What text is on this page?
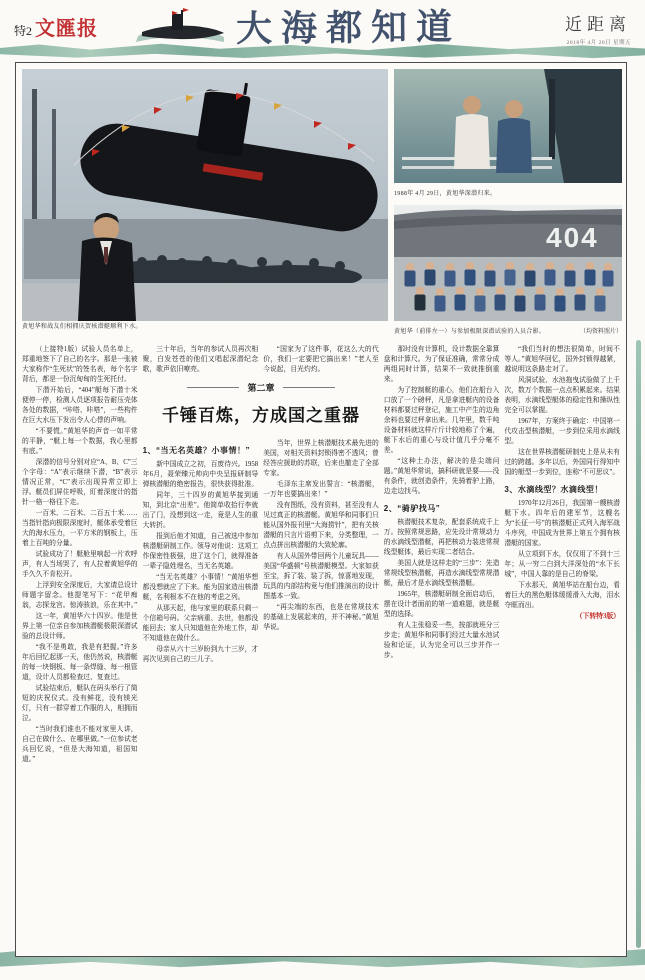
特2 文匯报	大海都知道	近距离
2018年 4月 20日 星期五
黄旭华和战友们相拥庆贺核潜艇顺利下水。
1988年 4月 29日，黄旭华深潜归来。
404
黄旭华（前排左一）与参加极限深潜试验的人员合影。	（均资料照片）
第二章
千锤百炼，方成国之重器

（上接特1版）试验人员名单上，郑重地签下了自己的名字。那是一张被大家称作“生死状”的签名表，每个名字背后，都是一份沉甸甸的生死托付。

下潜开始后，“404”艇每下潜十米便停一停，检测人员逐项报告耐压壳体各处的数据，“咔嗒、咔嗒”，一些构件在巨大水压下发出令人心悸的声响。

“不要慌。”黄旭华的声音一如平常的平静，“艇上每一个数据，我心里都有底。”

深潜的信号分别对应“A、B、C”三个字母：“A”表示继续下潜，“B”表示情况正常，“C”表示出现异常立即上浮。艇员们屏住呼吸，盯着深度计的指针一格一格往下走。

一百米、二百米、二百五十米……当指针指向极限深度时，艇体承受着巨大的海水压力，一平方米的钢板上，压着上百吨的分量。

试验成功了！艇舱里响起一片欢呼声，有人当场哭了，有人拉着黄旭华的手久久不肯松开。

上浮到安全深度后，大家请总设计师题字留念。他提笔写下：“花甲痴翁，志探龙宫。惊涛骇浪，乐在其中。”

这一年，黄旭华六十四岁。他是世界上第一位亲自参加核潜艇极限深潜试验的总设计师。

“我不是勇敢，我是有把握。”许多年后回忆起那一天，他仍然说，核潜艇的每一块钢板、每一条焊缝、每一根管道，设计人员都检查过、复查过。

试验结束后，艇队在码头举行了简短的庆祝仪式。没有鲜花，没有镁光灯，只有一群穿着工作服的人，相拥而泣。

“当时我们谁也不能对家里人讲，自己在做什么、在哪里做。”一位参试老兵回忆说，“但是大海知道，祖国知道。”

三十年后，当年的参试人员再次相聚，白发苍苍的他们又唱起深潜纪念歌，歌声依旧嘹亮。

1、“当无名英雄？小事情！”

新中国成立之初，百废待兴。1958年6月，聂荣臻元帅向中央呈报研制导弹核潜艇的绝密报告，很快获得批准。

同年，三十四岁的黄旭华接到通知，到北京“出差”。他简单收拾行李就出了门，没想到这一走，竟是人生的重大转折。

报到后他才知道，自己被选中参加核潜艇研制工作。领导对他说：这项工作保密性极强，进了这个门，就得准备一辈子隐姓埋名，当无名英雄。

“当无名英雄？小事情！”黄旭华想都没想就应了下来。能为国家造出核潜艇，名利根本不在他的考虑之列。

从那天起，他与家里的联系只剩一个信箱号码。父亲病重、去世，他都没能回去；家人只知道他在外地工作，却不知道他在做什么。

母亲从六十三岁盼到九十三岁，才再次见到自己的三儿子。

“国家为了这件事，花这么大的代价，我们一定要把它搞出来！”老人至今说起，目光灼灼。

当年，世界上核潜艇技术最先进的美国，对相关资料封锁得密不透风；曾经答应援助的苏联，后来也撤走了全部专家。

毛泽东主席发出誓言：“核潜艇，一万年也要搞出来！”

没有图纸，没有资料，甚至没有人见过真正的核潜艇。黄旭华和同事们只能从国外报刊里“大海捞针”，把有关核潜艇的只言片语剪下来，分类整理，一点点拼出核潜艇的大致轮廓。

有人从国外带回两个儿童玩具——美国“华盛顿”号核潜艇模型。大家如获至宝，拆了装、装了拆，惊喜地发现，玩具的内部结构竟与他们推演出的设计图基本一致。

“再尖端的东西，也是在常规技术的基础上发展起来的，并不神秘。”黄旭华说。

那时没有计算机，设计数据全靠算盘和计算尺。为了保证准确，常常分成两组同时计算，结果不一致就推倒重来。

为了控制艇的重心，他们在船台入口放了一个磅秤，凡是拿进艇内的设备材料都要过秤登记，施工中产生的边角余料也要过秤拿出来。几年里，数千吨设备材料就这样斤斤计较地称了个遍，艇下水后的重心与设计值几乎分毫不差。

“这种土办法，解决的是尖端问题。”黄旭华常说，搞科研就是要——没有条件，就创造条件，先骑着驴上路，边走边找马。

2、“骑驴找马”

核潜艇技术复杂，配套系统成千上万。按照常规思路，应先设计常规动力的水滴线型潜艇，再把核动力装进常规线型艇体，最后实现二者结合。

美国人就是这样走的“三步”：先造常规线型核潜艇，再造水滴线型常规潜艇，最后才是水滴线型核潜艇。

1965年，核潜艇研制全面启动后，摆在设计者面前的第一道难题，就是艇型的选择。

有人主张稳妥一些，按部就班分三步走；黄旭华和同事们经过大量水池试验和论证，认为完全可以三步并作一步。

“我们当时的想法很简单，时间不等人。”黄旭华回忆，国外封锁得越紧，越说明这条路走对了。

风洞试验、水池拖曳试验做了上千次，数万个数据一点点积累起来。结果表明，水滴线型艇体的稳定性和操纵性完全可以掌握。

1967年，方案终于确定：中国第一代攻击型核潜艇，一步到位采用水滴线型。

这在世界核潜艇研制史上是从未有过的跨越。多年以后，外国同行得知中国的艇型一步到位，连称“不可思议”。

3、水滴线型？水滴线型！

1970年12月26日，我国第一艘核潜艇下水。四年后的建军节，这艘名为“长征一号”的核潜艇正式列入海军战斗序列，中国成为世界上第五个拥有核潜艇的国家。

从立项到下水，仅仅用了不到十三年；从一穷二白到大洋深处的“水下长城”，中国人靠的是自己的脊梁。

下水那天，黄旭华站在船台边，看着巨大的黑色艇体缓缓滑入大海，泪水夺眶而出。

（下转特3版）
